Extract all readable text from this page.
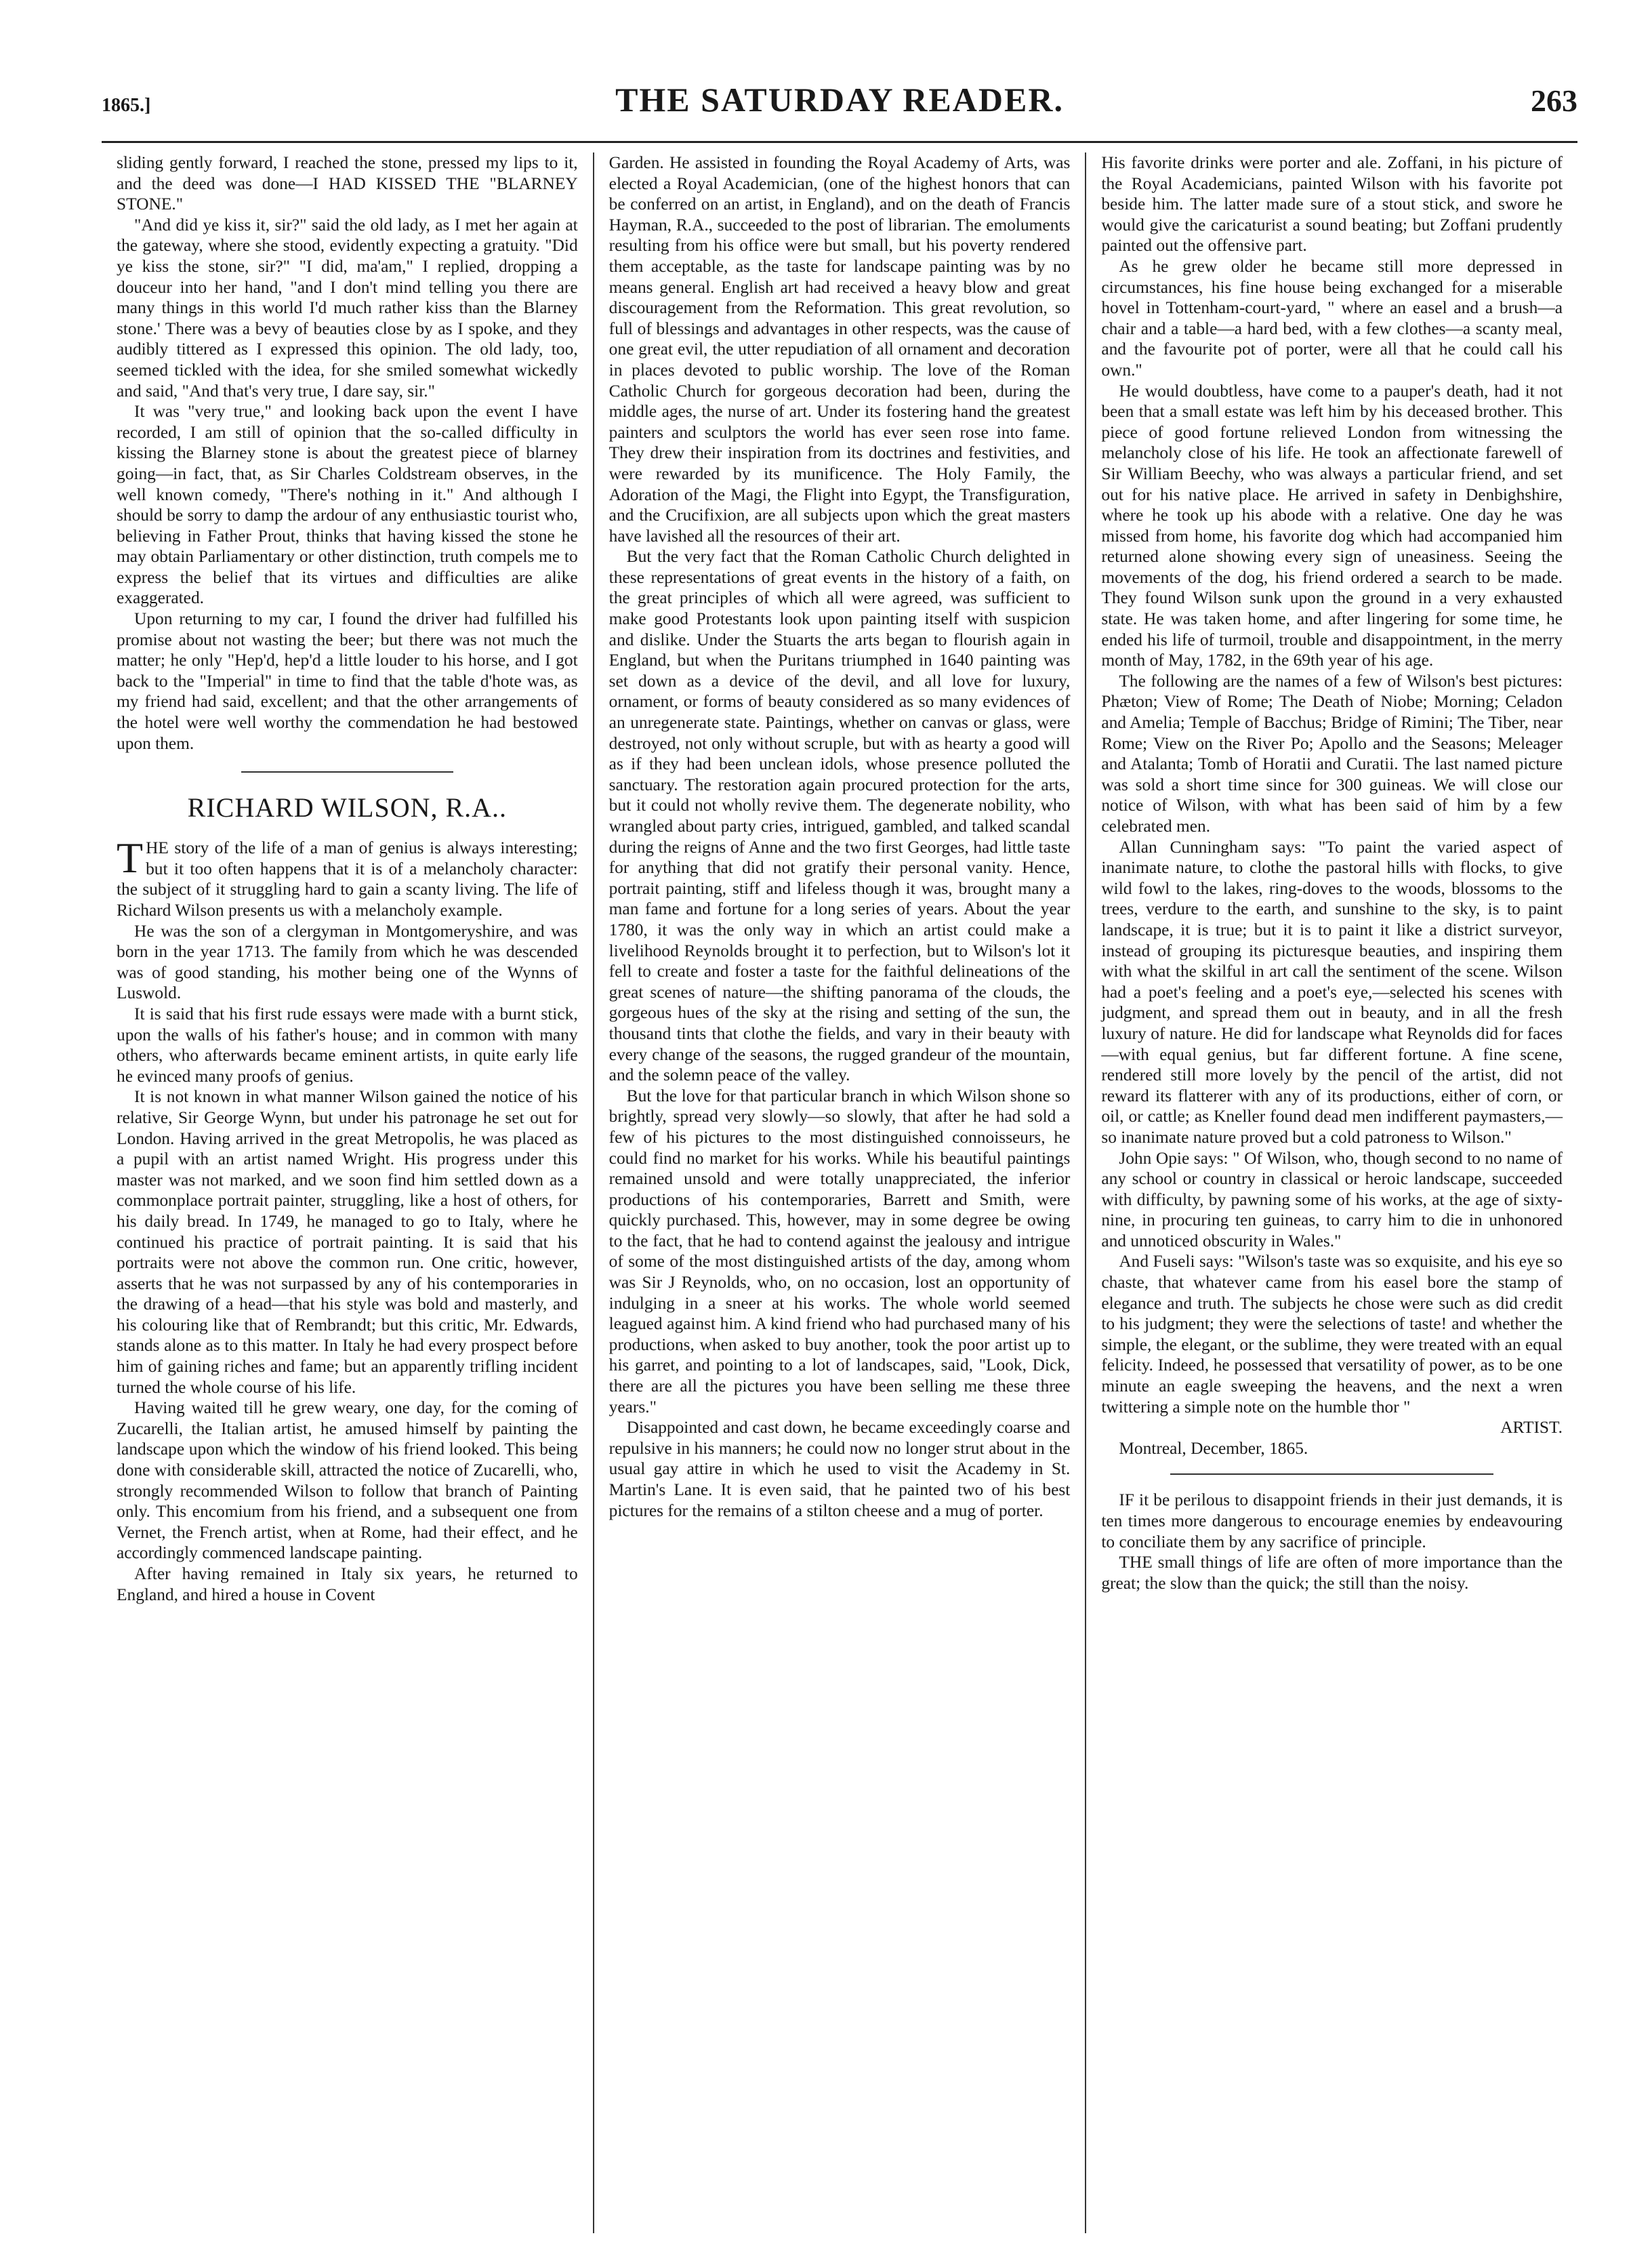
1865.]	THE SATURDAY READER.	263

sliding gently forward, I reached the stone, pressed my lips to it, and the deed was done—I HAD KISSED THE "BLARNEY STONE."

"And did ye kiss it, sir?" said the old lady, as I met her again at the gateway, where she stood, evidently expecting a gratuity. "Did ye kiss the stone, sir?" "I did, ma'am," I replied, dropping a douceur into her hand, "and I don't mind telling you there are many things in this world I'd much rather kiss than the Blarney stone.' There was a bevy of beauties close by as I spoke, and they audibly tittered as I expressed this opinion. The old lady, too, seemed tickled with the idea, for she smiled somewhat wickedly and said, "And that's very true, I dare say, sir."

It was "very true," and looking back upon the event I have recorded, I am still of opinion that the so-called difficulty in kissing the Blarney stone is about the greatest piece of blarney going—in fact, that, as Sir Charles Coldstream observes, in the well known comedy, "There's nothing in it." And although I should be sorry to damp the ardour of any enthusiastic tourist who, believing in Father Prout, thinks that having kissed the stone he may obtain Parliamentary or other distinction, truth compels me to express the belief that its virtues and difficulties are alike exaggerated.

Upon returning to my car, I found the driver had fulfilled his promise about not wasting the beer; but there was not much the matter; he only "Hep'd, hep'd a little louder to his horse, and I got back to the "Imperial" in time to find that the table d'hote was, as my friend had said, excellent; and that the other arrangements of the hotel were well worthy the commendation he had bestowed upon them.

RICHARD WILSON, R.A..

THE story of the life of a man of genius is always interesting; but it too often happens that it is of a melancholy character: the subject of it struggling hard to gain a scanty living. The life of Richard Wilson presents us with a melancholy example.

He was the son of a clergyman in Montgomeryshire, and was born in the year 1713. The family from which he was descended was of good standing, his mother being one of the Wynns of Luswold.

It is said that his first rude essays were made with a burnt stick, upon the walls of his father's house; and in common with many others, who afterwards became eminent artists, in quite early life he evinced many proofs of genius.

It is not known in what manner Wilson gained the notice of his relative, Sir George Wynn, but under his patronage he set out for London. Having arrived in the great Metropolis, he was placed as a pupil with an artist named Wright. His progress under this master was not marked, and we soon find him settled down as a commonplace portrait painter, struggling, like a host of others, for his daily bread. In 1749, he managed to go to Italy, where he continued his practice of portrait painting. It is said that his portraits were not above the common run. One critic, however, asserts that he was not surpassed by any of his contemporaries in the drawing of a head—that his style was bold and masterly, and his colouring like that of Rembrandt; but this critic, Mr. Edwards, stands alone as to this matter. In Italy he had every prospect before him of gaining riches and fame; but an apparently trifling incident turned the whole course of his life.

Having waited till he grew weary, one day, for the coming of Zucarelli, the Italian artist, he amused himself by painting the landscape upon which the window of his friend looked. This being done with considerable skill, attracted the notice of Zucarelli, who, strongly recommended Wilson to follow that branch of Painting only. This encomium from his friend, and a subsequent one from Vernet, the French artist, when at Rome, had their effect, and he accordingly commenced landscape painting.

After having remained in Italy six years, he returned to England, and hired a house in Covent

Garden. He assisted in founding the Royal Academy of Arts, was elected a Royal Academician, (one of the highest honors that can be conferred on an artist, in England), and on the death of Francis Hayman, R.A., succeeded to the post of librarian. The emoluments resulting from his office were but small, but his poverty rendered them acceptable, as the taste for landscape painting was by no means general. English art had received a heavy blow and great discouragement from the Reformation. This great revolution, so full of blessings and advantages in other respects, was the cause of one great evil, the utter repudiation of all ornament and decoration in places devoted to public worship. The love of the Roman Catholic Church for gorgeous decoration had been, during the middle ages, the nurse of art. Under its fostering hand the greatest painters and sculptors the world has ever seen rose into fame. They drew their inspiration from its doctrines and festivities, and were rewarded by its munificence. The Holy Family, the Adoration of the Magi, the Flight into Egypt, the Transfiguration, and the Crucifixion, are all subjects upon which the great masters have lavished all the resources of their art.

But the very fact that the Roman Catholic Church delighted in these representations of great events in the history of a faith, on the great principles of which all were agreed, was sufficient to make good Protestants look upon painting itself with suspicion and dislike. Under the Stuarts the arts began to flourish again in England, but when the Puritans triumphed in 1640 painting was set down as a device of the devil, and all love for luxury, ornament, or forms of beauty considered as so many evidences of an unregenerate state. Paintings, whether on canvas or glass, were destroyed, not only without scruple, but with as hearty a good will as if they had been unclean idols, whose presence polluted the sanctuary. The restoration again procured protection for the arts, but it could not wholly revive them. The degenerate nobility, who wrangled about party cries, intrigued, gambled, and talked scandal during the reigns of Anne and the two first Georges, had little taste for anything that did not gratify their personal vanity. Hence, portrait painting, stiff and lifeless though it was, brought many a man fame and fortune for a long series of years. About the year 1780, it was the only way in which an artist could make a livelihood Reynolds brought it to perfection, but to Wilson's lot it fell to create and foster a taste for the faithful delineations of the great scenes of nature—the shifting panorama of the clouds, the gorgeous hues of the sky at the rising and setting of the sun, the thousand tints that clothe the fields, and vary in their beauty with every change of the seasons, the rugged grandeur of the mountain, and the solemn peace of the valley.

But the love for that particular branch in which Wilson shone so brightly, spread very slowly—so slowly, that after he had sold a few of his pictures to the most distinguished connoisseurs, he could find no market for his works. While his beautiful paintings remained unsold and were totally unappreciated, the inferior productions of his contemporaries, Barrett and Smith, were quickly purchased. This, however, may in some degree be owing to the fact, that he had to contend against the jealousy and intrigue of some of the most distinguished artists of the day, among whom was Sir J Reynolds, who, on no occasion, lost an opportunity of indulging in a sneer at his works. The whole world seemed leagued against him. A kind friend who had purchased many of his productions, when asked to buy another, took the poor artist up to his garret, and pointing to a lot of landscapes, said, "Look, Dick, there are all the pictures you have been selling me these three years."

Disappointed and cast down, he became exceedingly coarse and repulsive in his manners; he could now no longer strut about in the usual gay attire in which he used to visit the Academy in St. Martin's Lane. It is even said, that he painted two of his best pictures for the remains of a stilton cheese and a mug of porter.

His favorite drinks were porter and ale. Zoffani, in his picture of the Royal Academicians, painted Wilson with his favorite pot beside him. The latter made sure of a stout stick, and swore he would give the caricaturist a sound beating; but Zoffani prudently painted out the offensive part.

As he grew older he became still more depressed in circumstances, his fine house being exchanged for a miserable hovel in Tottenham-court-yard, " where an easel and a brush—a chair and a table—a hard bed, with a few clothes—a scanty meal, and the favourite pot of porter, were all that he could call his own."

He would doubtless, have come to a pauper's death, had it not been that a small estate was left him by his deceased brother. This piece of good fortune relieved London from witnessing the melancholy close of his life. He took an affectionate farewell of Sir William Beechy, who was always a particular friend, and set out for his native place. He arrived in safety in Denbighshire, where he took up his abode with a relative. One day he was missed from home, his favorite dog which had accompanied him returned alone showing every sign of uneasiness. Seeing the movements of the dog, his friend ordered a search to be made. They found Wilson sunk upon the ground in a very exhausted state. He was taken home, and after lingering for some time, he ended his life of turmoil, trouble and disappointment, in the merry month of May, 1782, in the 69th year of his age.

The following are the names of a few of Wilson's best pictures: Phæton; View of Rome; The Death of Niobe; Morning; Celadon and Amelia; Temple of Bacchus; Bridge of Rimini; The Tiber, near Rome; View on the River Po; Apollo and the Seasons; Meleager and Atalanta; Tomb of Horatii and Curatii. The last named picture was sold a short time since for 300 guineas. We will close our notice of Wilson, with what has been said of him by a few celebrated men.

Allan Cunningham says: "To paint the varied aspect of inanimate nature, to clothe the pastoral hills with flocks, to give wild fowl to the lakes, ring-doves to the woods, blossoms to the trees, verdure to the earth, and sunshine to the sky, is to paint landscape, it is true; but it is to paint it like a district surveyor, instead of grouping its picturesque beauties, and inspiring them with what the skilful in art call the sentiment of the scene. Wilson had a poet's feeling and a poet's eye,—selected his scenes with judgment, and spread them out in beauty, and in all the fresh luxury of nature. He did for landscape what Reynolds did for faces—with equal genius, but far different fortune. A fine scene, rendered still more lovely by the pencil of the artist, did not reward its flatterer with any of its productions, either of corn, or oil, or cattle; as Kneller found dead men indifferent paymasters,—so inanimate nature proved but a cold patroness to Wilson."

John Opie says: " Of Wilson, who, though second to no name of any school or country in classical or heroic landscape, succeeded with difficulty, by pawning some of his works, at the age of sixty-nine, in procuring ten guineas, to carry him to die in unhonored and unnoticed obscurity in Wales."

And Fuseli says: "Wilson's taste was so exquisite, and his eye so chaste, that whatever came from his easel bore the stamp of elegance and truth. The subjects he chose were such as did credit to his judgment; they were the selections of taste! and whether the simple, the elegant, or the sublime, they were treated with an equal felicity. Indeed, he possessed that versatility of power, as to be one minute an eagle sweeping the heavens, and the next a wren twittering a simple note on the humble thor "

ARTIST.

Montreal, December, 1865.

IF it be perilous to disappoint friends in their just demands, it is ten times more dangerous to encourage enemies by endeavouring to conciliate them by any sacrifice of principle.

THE small things of life are often of more importance than the great; the slow than the quick; the still than the noisy.
